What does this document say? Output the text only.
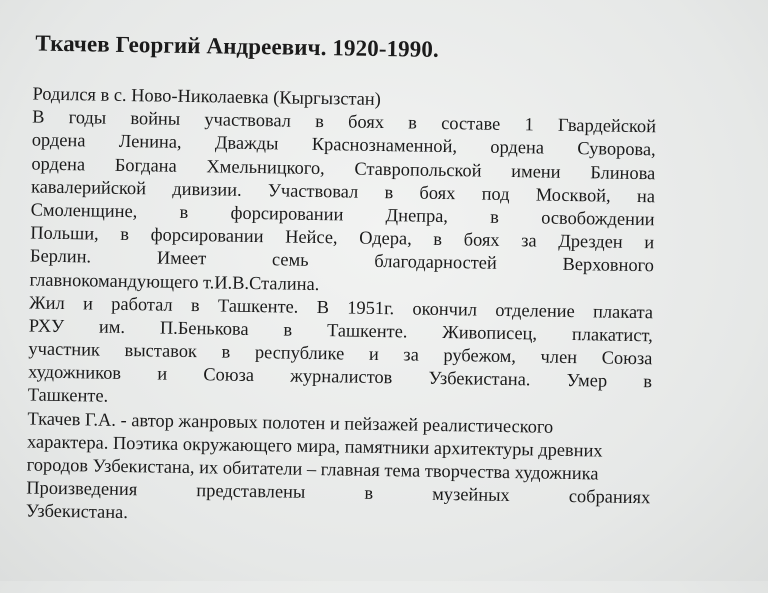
Ткачев Георгий Андреевич. 1920-1990.
Родился в с. Ново-Николаевка (Кыргызстан)
В годы войны участвовал в боях в составе 1 Гвардейской
ордена Ленина, Дважды Краснознаменной, ордена Суворова,
ордена Богдана Хмельницкого, Ставропольской имени Блинова
кавалерийской дивизии. Участвовал в боях под Москвой, на
Смоленщине, в форсировании Днепра, в освобождении
Польши, в форсировании Нейсе, Одера, в боях за Дрезден и
Берлин.	Имеет	семь	благодарностей	Верховного
главнокомандующего т.И.В.Сталина.
Жил и работал в Ташкенте. В 1951г. окончил отделение плаката
РХУ им. П.Бенькова в Ташкенте. Живописец, плакатист,
участник выставок в республике и за рубежом, член Союза
художников и Союза журналистов Узбекистана. Умер в
Ташкенте.
Ткачев Г.А. - автор жанровых полотен и пейзажей реалистического
характера. Поэтика окружающего мира, памятники архитектуры древних
городов Узбекистана, их обитатели – главная тема творчества художника
Произведения	представлены	в	музейных	собраниях
Узбекистана.
